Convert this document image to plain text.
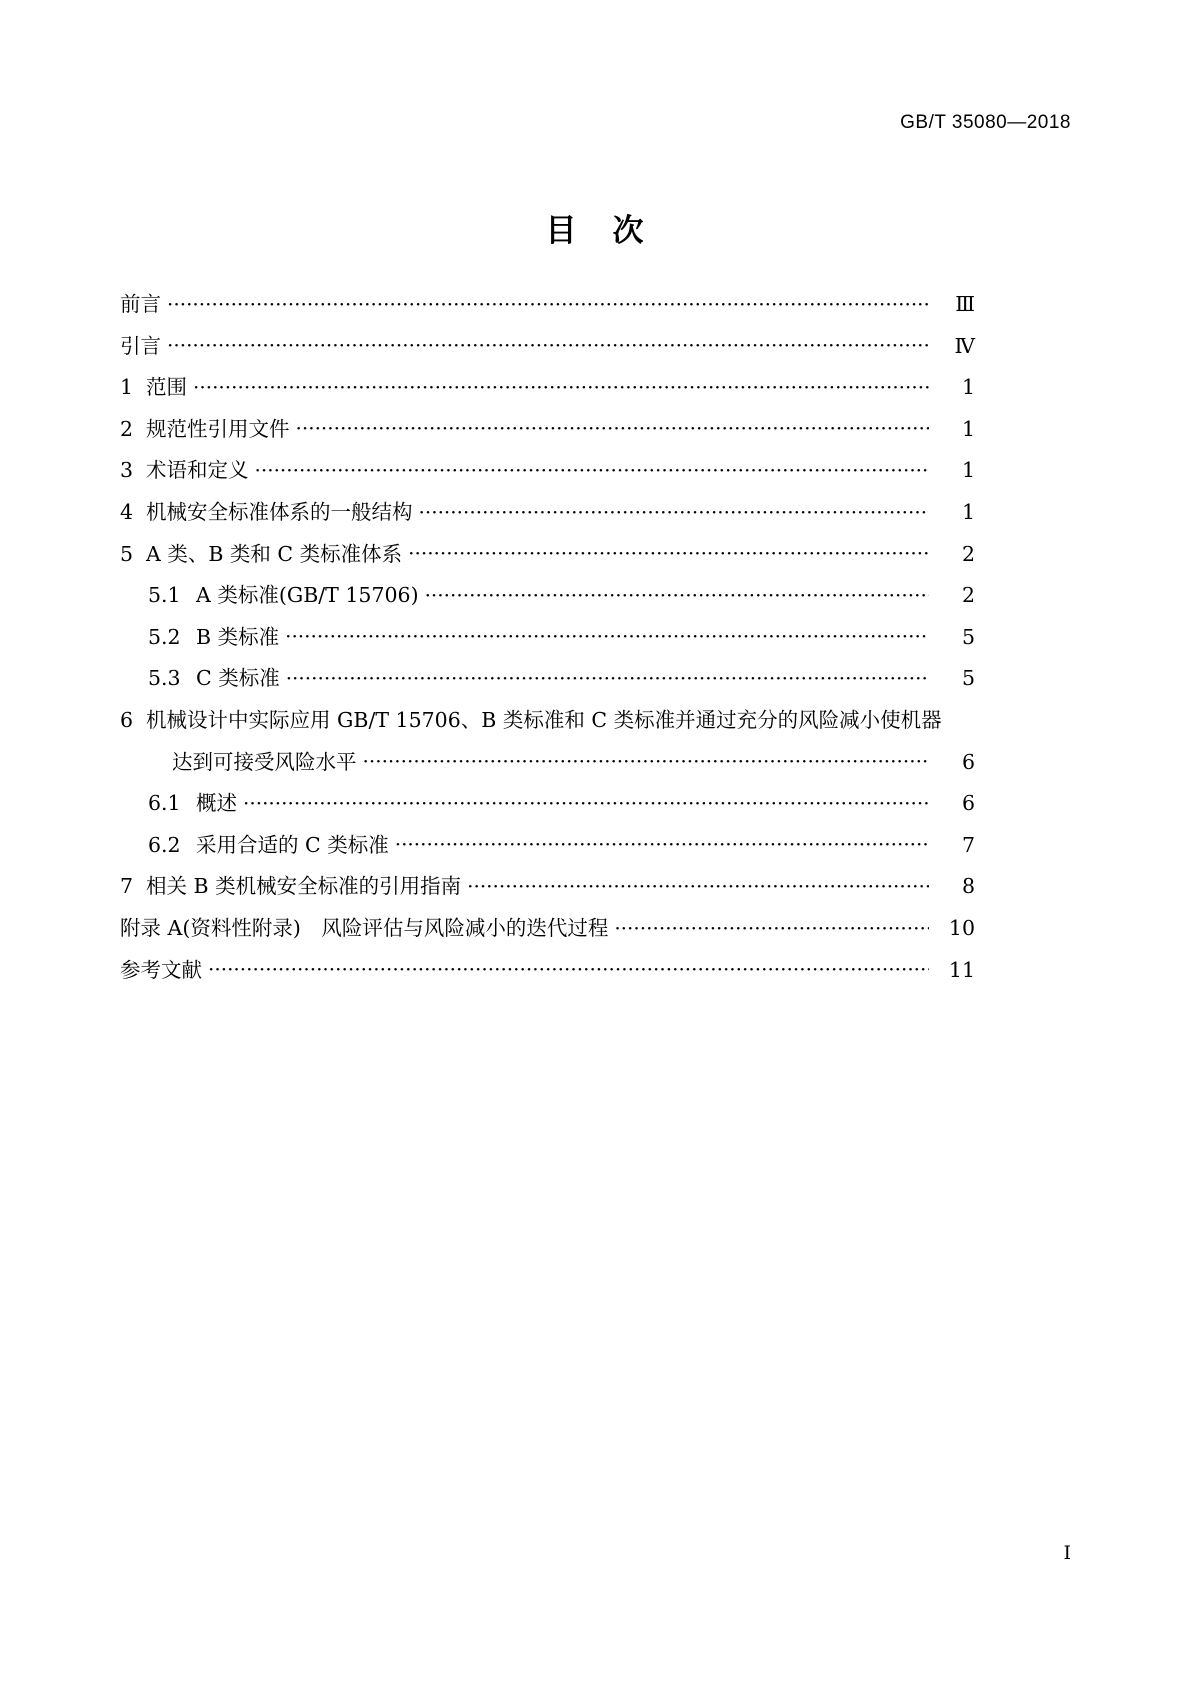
GB/T 35080—2018
目 次
前言 ·····	Ⅲ
引言 ·····	Ⅳ
1 范围 ·····	1
2 规范性引用文件 ·····	1
3 术语和定义 ·····	1
4 机械安全标准体系的一般结构 ·····	1
5 A 类、B 类和 C 类标准体系 ·····	2
5.1 A 类标准(GB/T 15706) ·····	2
5.2 B 类标准 ·····	5
5.3 C 类标准 ·····	5
6 机械设计中实际应用 GB/T 15706、B 类标准和 C 类标准并通过充分的风险减小使机器
达到可接受风险水平 ·····	6
6.1 概述 ·····	6
6.2 采用合适的 C 类标准 ·····	7
7 相关 B 类机械安全标准的引用指南 ·····	8
附录 A(资料性附录)　风险评估与风险减小的迭代过程 ·····	10
参考文献 ·····	11
Ⅰ
